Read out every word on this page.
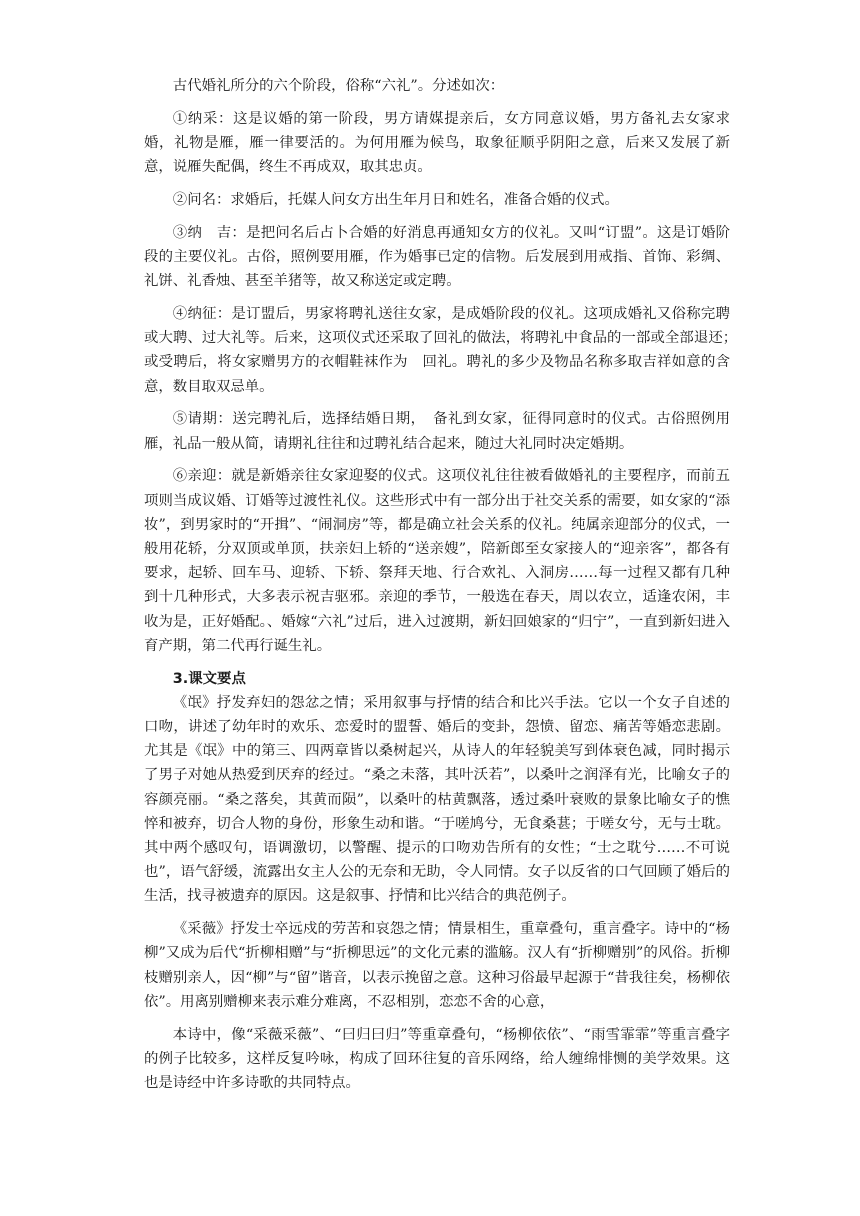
古代婚礼所分的六个阶段，俗称“六礼”。分述如次：

①纳采：这是议婚的第一阶段，男方请媒提亲后，女方同意议婚，男方备礼去女家求婚，礼物是雁，雁一律要活的。为何用雁为候鸟，取象征顺乎阴阳之意，后来又发展了新意，说雁失配偶，终生不再成双，取其忠贞。

②问名：求婚后，托媒人问女方出生年月日和姓名，准备合婚的仪式。

③纳　吉：是把问名后占卜合婚的好消息再通知女方的仪礼。又叫“订盟”。这是订婚阶段的主要仪礼。古俗，照例要用雁，作为婚事已定的信物。后发展到用戒指、首饰、彩绸、礼饼、礼香烛、甚至羊猪等，故又称送定或定聘。

④纳征：是订盟后，男家将聘礼送往女家，是成婚阶段的仪礼。这项成婚礼又俗称完聘或大聘、过大礼等。后来，这项仪式还采取了回礼的做法，将聘礼中食品的一部或全部退还；　或受聘后，将女家赠男方的衣帽鞋袜作为　回礼。聘礼的多少及物品名称多取吉祥如意的含意，数目取双忌单。

⑤请期：送完聘礼后，选择结婚日期，　备礼到女家，征得同意时的仪式。古俗照例用雁，礼品一般从简，请期礼往往和过聘礼结合起来，随过大礼同时决定婚期。

⑥亲迎：就是新婚亲往女家迎娶的仪式。这项仪礼往往被看做婚礼的主要程序，而前五项则当成议婚、订婚等过渡性礼仪。这些形式中有一部分出于社交关系的需要，如女家的“添妆”，到男家时的“开揖”、“闹洞房”等，都是确立社会关系的仪礼。纯属亲迎部分的仪式，一般用花轿，分双顶或单顶，扶亲妇上轿的“送亲嫂”，陪新郎至女家接人的“迎亲客”，都各有要求，起轿、回车马、迎轿、下轿、祭拜天地、行合欢礼、入洞房……每一过程又都有几种到十几种形式，大多表示祝吉驱邪。亲迎的季节，一般选在春天，周以农立，适逢农闲，丰收为是，正好婚配。、婚嫁“六礼”过后，进入过渡期，新妇回娘家的“归宁”，一直到新妇进入育产期，第二代再行诞生礼。

3.课文要点

《氓》抒发弃妇的怨忿之情；采用叙事与抒情的结合和比兴手法。它以一个女子自述的口吻，讲述了幼年时的欢乐、恋爱时的盟誓、婚后的变卦，怨愤、留恋、痛苦等婚恋悲剧。尤其是《氓》中的第三、四两章皆以桑树起兴，从诗人的年轻貌美写到体衰色减，同时揭示了男子对她从热爱到厌弃的经过。“桑之未落，其叶沃若”，以桑叶之润泽有光，比喻女子的容颜亮丽。“桑之落矣，其黄而陨”，以桑叶的枯黄飘落，透过桑叶衰败的景象比喻女子的憔悴和被弃，切合人物的身份，形象生动和谐。“于嗟鸠兮，无食桑葚；于嗟女兮，无与士耽。其中两个感叹句，语调激切，以警醒、提示的口吻劝告所有的女性；“士之耽兮……不可说也”，语气舒缓，流露出女主人公的无奈和无助，令人同情。女子以反省的口气回顾了婚后的生活，找寻被遗弃的原因。这是叙事、抒情和比兴结合的典范例子。

《采薇》抒发士卒远戍的劳苦和哀怨之情；情景相生，重章叠句，重言叠字。诗中的“杨柳”又成为后代“折柳相赠”与“折柳思远”的文化元素的滥觞。汉人有“折柳赠别”的风俗。折柳枝赠别亲人，因“柳”与“留”谐音，以表示挽留之意。这种习俗最早起源于“昔我往矣，杨柳依依”。用离别赠柳来表示难分难离，不忍相别，恋恋不舍的心意，

本诗中，像“采薇采薇”、“曰归曰归”等重章叠句，“杨柳依依”、“雨雪霏霏”等重言叠字的例子比较多，这样反复吟咏，构成了回环往复的音乐网络，给人缠绵悱恻的美学效果。这也是诗经中许多诗歌的共同特点。
